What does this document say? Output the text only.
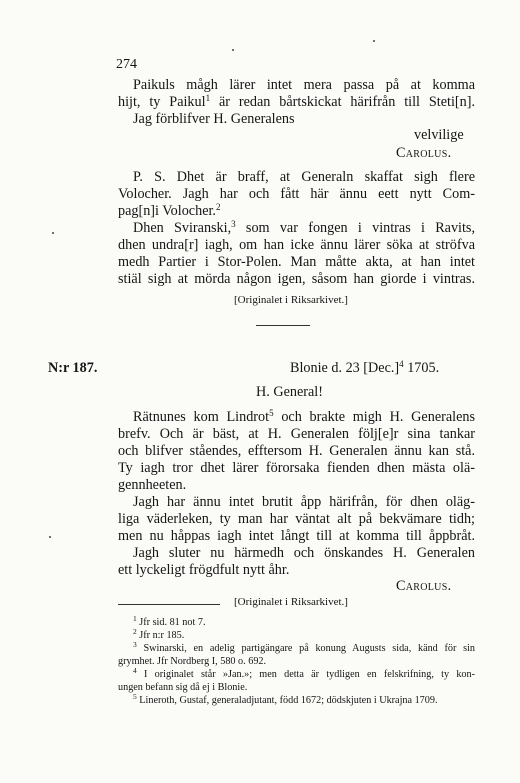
274
Paikuls mågh lärer intet mera passa på at komma
hijt, ty Paikul$^1$ är redan bårtskickat härifrån till Steti[n].
Jag förblifver H. Generalens
velvilige
Carolus.
P. S. Dhet är braff, at Generaln skaffat sigh flere
Volocher. Jagh har och fått här ännu eett nytt Com-
pag[n]i Volocher.$^2$
Dhen Sviranski,$^3$ som var fongen i vintras i Ravits,
dhen undra[r] iagh, om han icke ännu lärer söka at ströfva
medh Partier i Stor-Polen. Man måtte akta, at han intet
stiäl sigh at mörda någon igen, såsom han giorde i vintras.
[Originalet i Riksarkivet.]
N:r 187.	Blonie d. 23 $[Dec.]^4$ 1705.
H. General!
Rätnunes kom Lindrot$^5$ och brakte migh H. Generalens
brefv. Och är bäst, at H. Generalen följ[e]r sina tankar
och blifver ståendes, efftersom H. Generalen ännu kan stå.
Ty iagh tror dhet lärer förorsaka fienden dhen mästa olä-
gennheeten.
Jagh har ännu intet brutit åpp härifrån, för dhen oläg-
liga väderleken, ty man har väntat alt på bekvämare tidh;
men nu håppas iagh intet långt till at komma till åppbråt.
Jagh sluter nu härmedh och önskandes H. Generalen
ett lyckeligt frögdfult nytt åhr.
Carolus.
[Originalet i Riksarkivet.]
$^1$ Jfr sid. 81 not 7.
$^2$ Jfr n:r 185.
$^3$ Swinarski, en adelig partigängare på konung Augusts sida, känd för sin
grymhet. Jfr Nordberg I, 580 o. 692.
$^4$ I originalet står »Jan.»; men detta är tydligen en felskrifning, ty kon-
ungen befann sig då ej i Blonie.
$^5$ Lineroth, Gustaf, generaladjutant, född 1672; dödskjuten i Ukrajna 1709.
